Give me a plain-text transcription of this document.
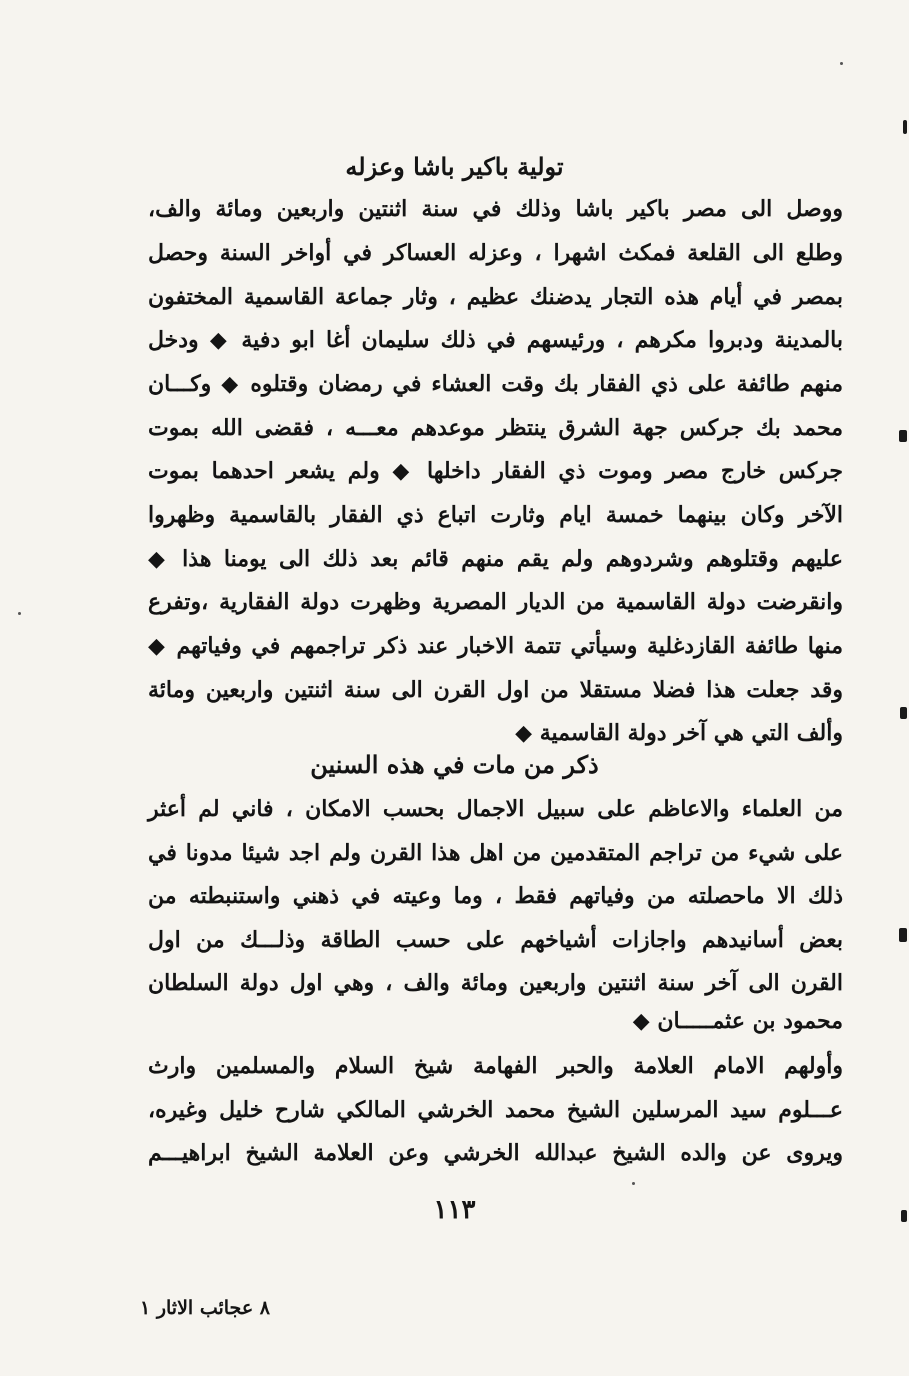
تولية باكير باشا وعزله
ووصل الى مصر باكير باشا وذلك في سنة اثنتين واربعين ومائة والف،
وطلع الى القلعة فمكث اشهرا ، وعزله العساكر في أواخر السنة وحصل
بمصر في أيام هذه التجار يدضنك عظيم ، وثار جماعة القاسمية المختفون
بالمدينة ودبروا مكرهم ، ورئيسهم في ذلك سليمان أغا ابو دفية ◆ ودخل
منهم طائفة على ذي الفقار بك وقت العشاء في رمضان وقتلوه ◆ وكـــان
محمد بك جركس جهة الشرق ينتظر موعدهم معـــه ، فقضى الله بموت
جركس خارج مصر وموت ذي الفقار داخلها ◆ ولم يشعر احدهما بموت
الآخر وكان بينهما خمسة ايام وثارت اتباع ذي الفقار بالقاسمية وظهروا
عليهم وقتلوهم وشردوهم ولم يقم منهم قائم بعد ذلك الى يومنا هذا ◆
وانقرضت دولة القاسمية من الديار المصرية وظهرت دولة الفقارية ،وتفرع
منها طائفة القازدغلية وسيأتي تتمة الاخبار عند ذكر تراجمهم في وفياتهم ◆
وقد جعلت هذا فضلا مستقلا من اول القرن الى سنة اثنتين واربعين ومائة
وألف التي هي آخر دولة القاسمية ◆
ذكر من مات في هذه السنين
من العلماء والاعاظم على سبيل الاجمال بحسب الامكان ، فاني لم أعثر
على شيء من تراجم المتقدمين من اهل هذا القرن ولم اجد شيئا مدونا في
ذلك الا ماحصلته من وفياتهم فقط ، وما وعيته في ذهني واستنبطته من
بعض أسانيدهم واجازات أشياخهم على حسب الطاقة وذلـــك من اول
القرن الى آخر سنة اثنتين واربعين ومائة والف ، وهي اول دولة السلطان
محمود بن عثمـــــان ◆
وأولهم الامام العلامة والحبر الفهامة شيخ السلام والمسلمين وارث
عـــلوم سيد المرسلين الشيخ محمد الخرشي المالكي شارح خليل وغيره،
ويروى عن والده الشيخ عبدالله الخرشي وعن العلامة الشيخ ابراهيـــم
١١٣
٨ عجائب الاثار ١
